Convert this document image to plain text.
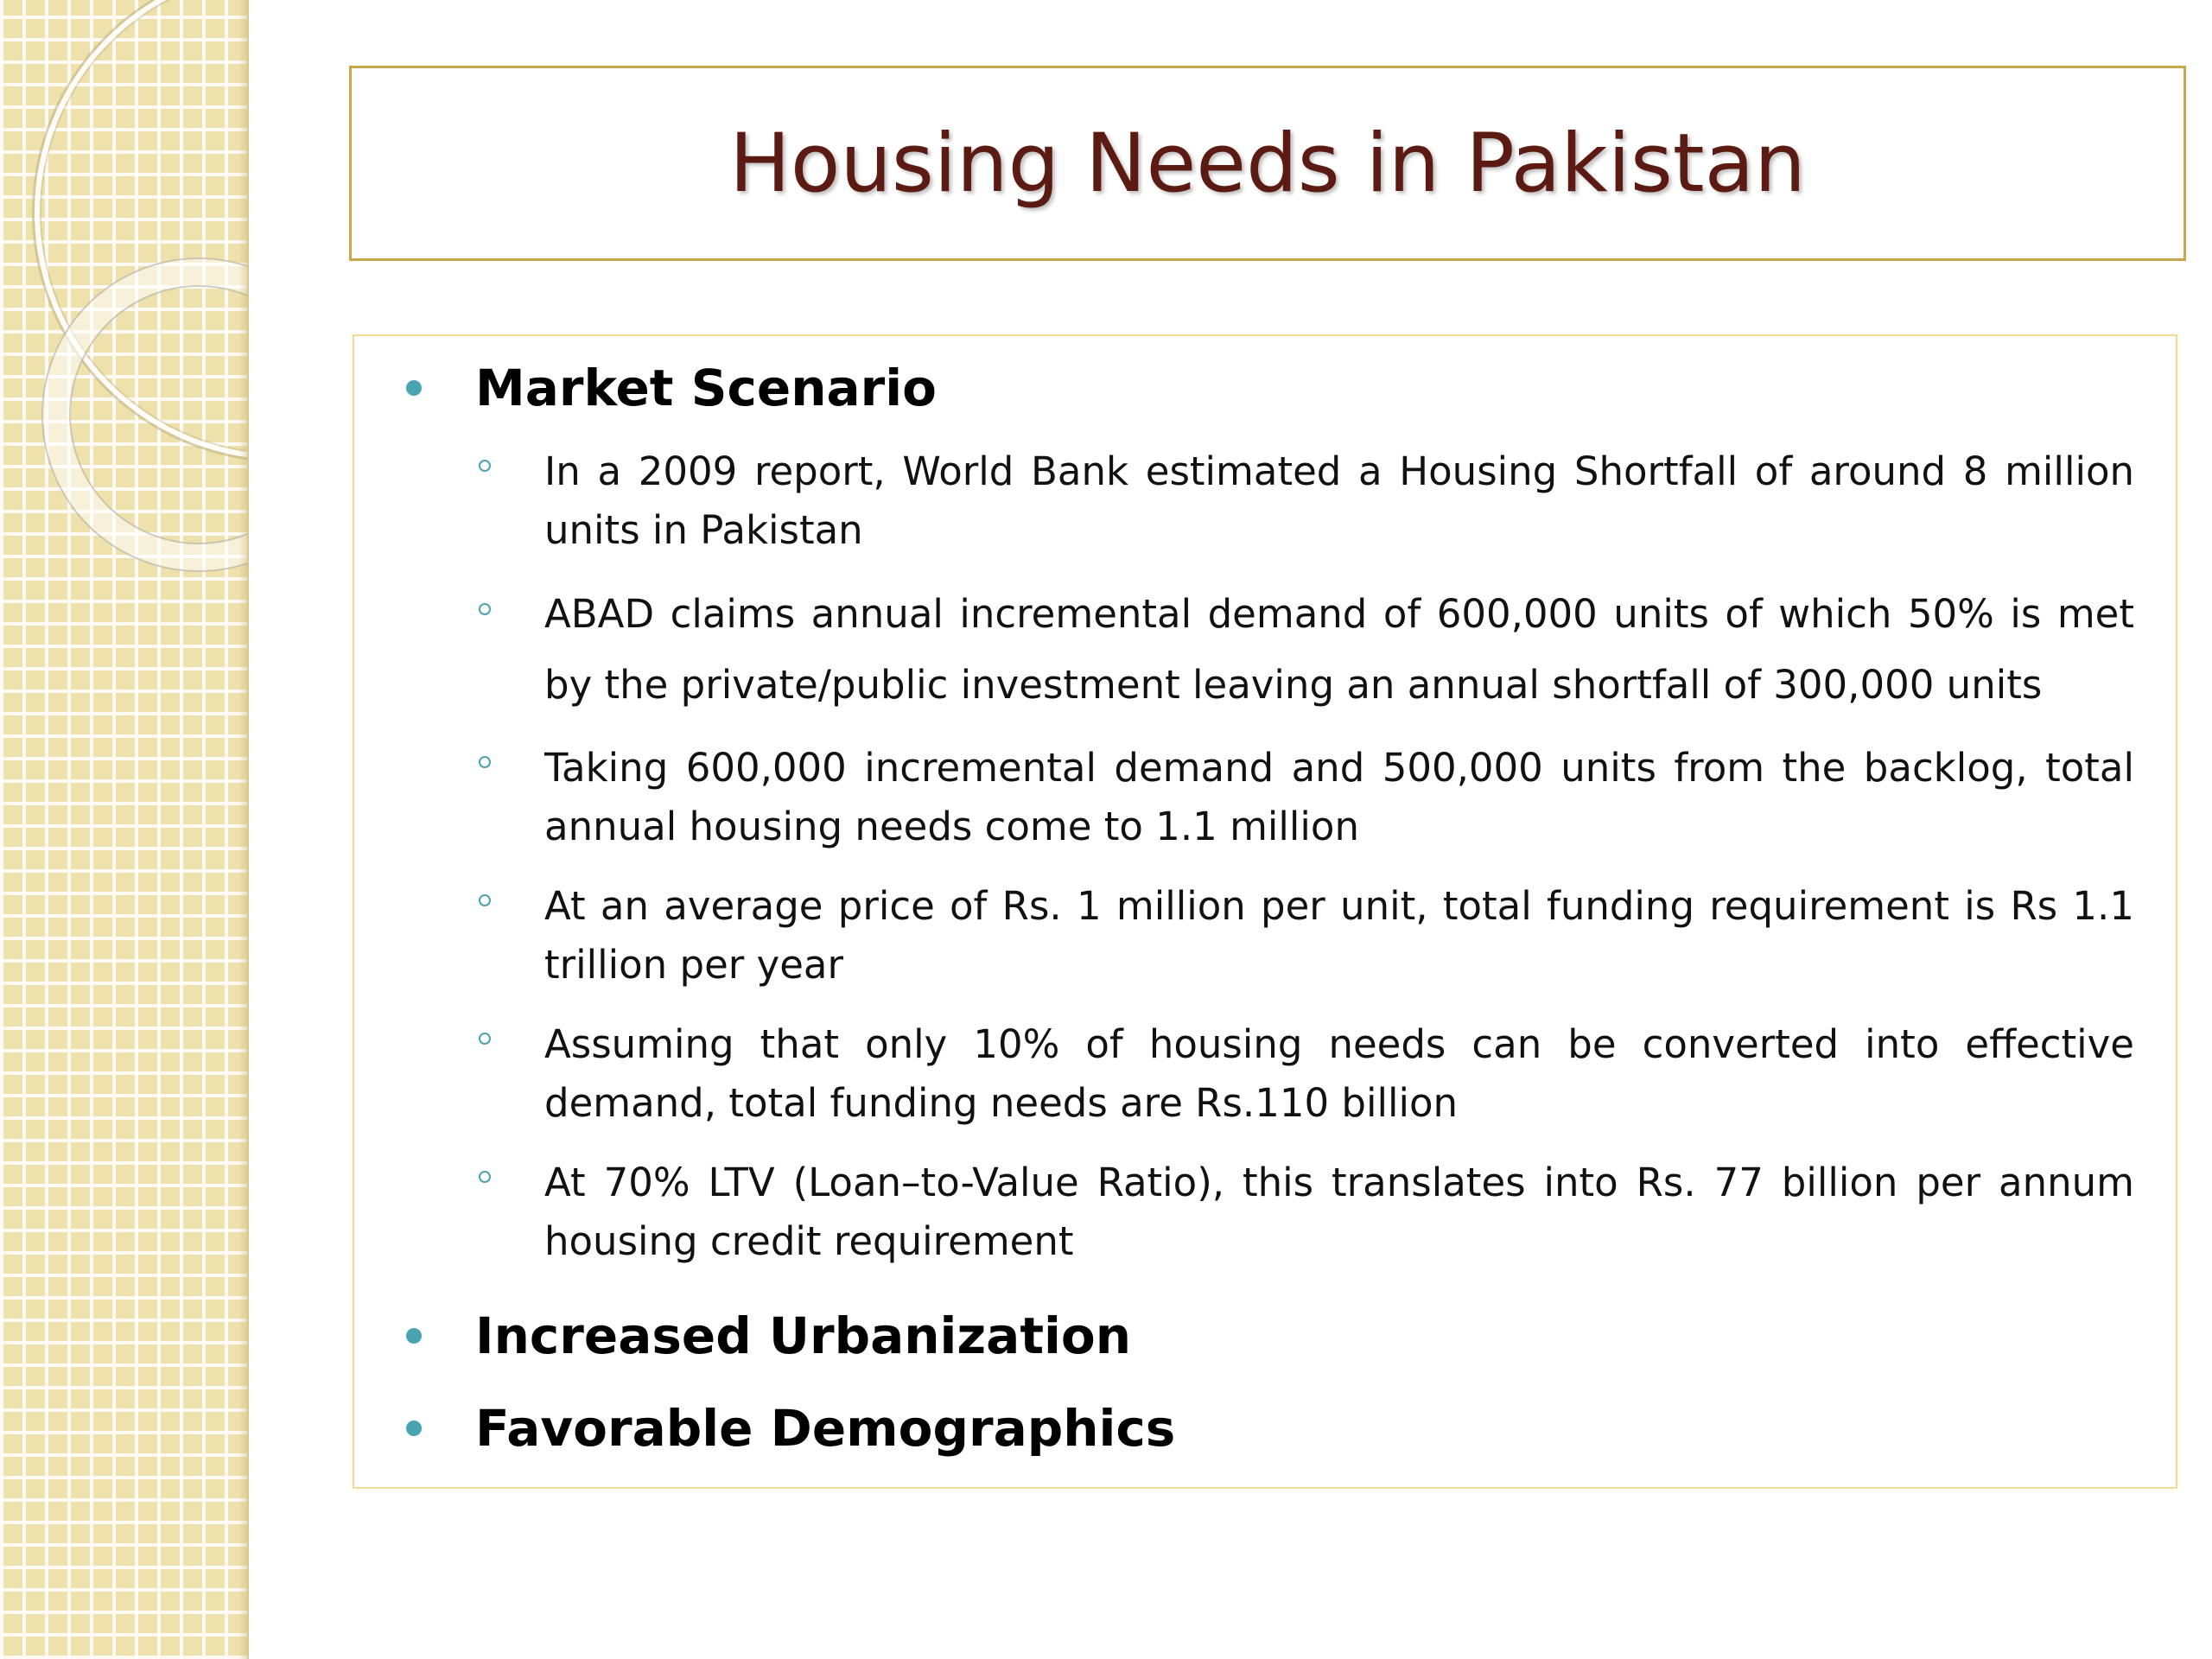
Housing Needs in Pakistan
Market Scenario
In a 2009 report, World Bank estimated a Housing Shortfall of around 8 million units in Pakistan
ABAD claims annual incremental demand of 600,000 units of which 50% is met by the private/public investment leaving an annual shortfall of 300,000 units
Taking 600,000 incremental demand and 500,000 units from the backlog, total annual housing needs come to 1.1 million
At an average price of Rs. 1 million per unit, total funding requirement is Rs 1.1 trillion per year
Assuming that only 10% of housing needs can be converted into effective demand, total funding needs are Rs.110 billion
At 70% LTV (Loan–to-Value Ratio), this translates into Rs. 77 billion per annum housing credit requirement
Increased Urbanization
Favorable Demographics
